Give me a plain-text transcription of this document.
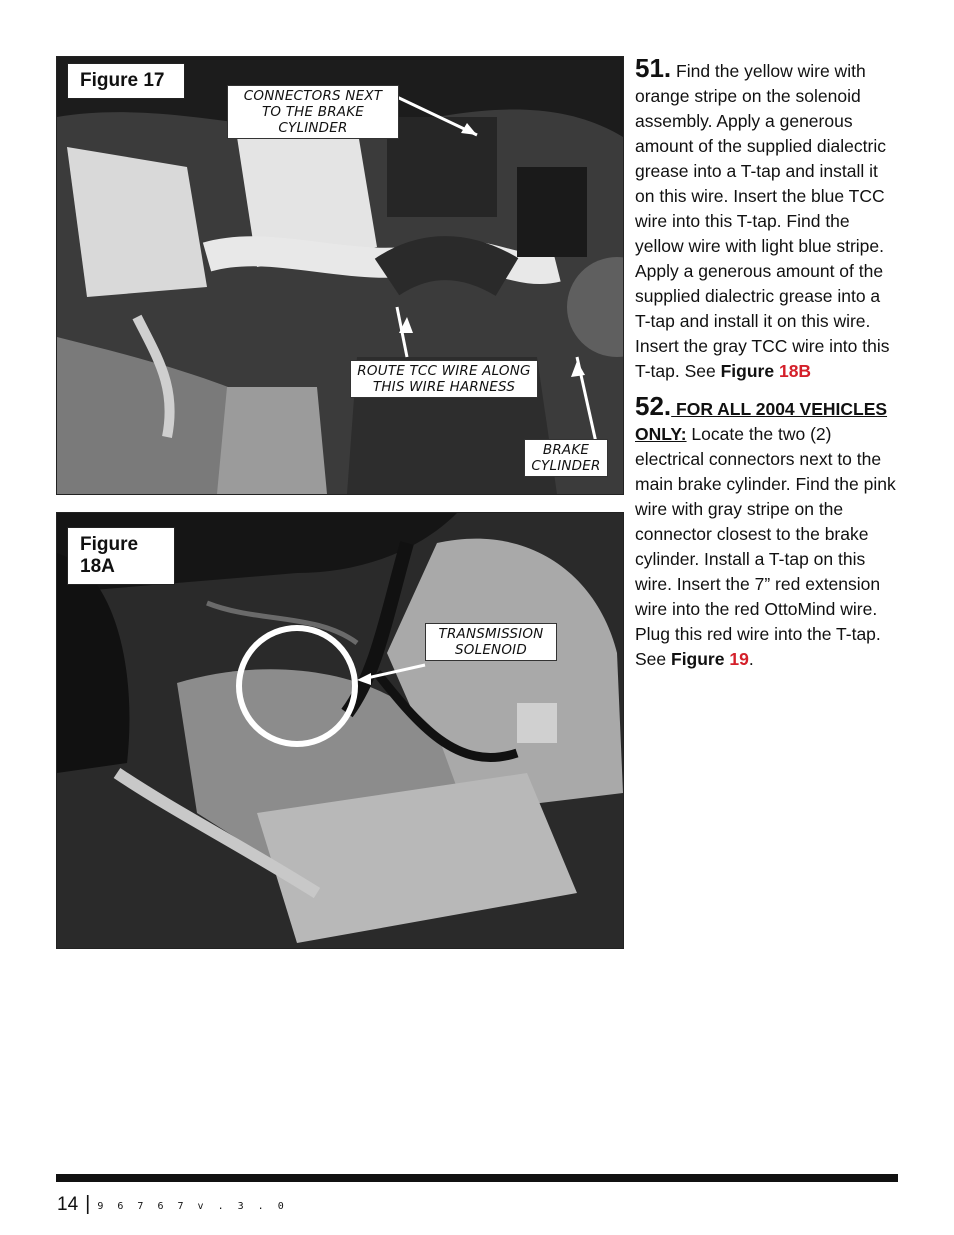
Figure 17
CONNECTORS NEXT TO THE BRAKE CYLINDER
ROUTE TCC WIRE ALONG THIS WIRE HARNESS
BRAKE CYLINDER
Figure 18A
TRANSMISSION SOLENOID

51. Find the yellow wire with orange stripe on the solenoid assembly. Apply a generous amount of the supplied dialectric grease into a T-tap and install it on this wire. Insert the blue TCC wire into this T-tap. Find the yellow wire with light blue stripe. Apply a generous amount of the supplied dialectric grease into a T-tap and install it on this wire. Insert the gray TCC wire into this T-tap. See Figure 18B

52. FOR ALL 2004 VEHICLES ONLY: Locate the two (2) electrical connectors next to the main brake cylinder. Find the pink wire with gray stripe on the connector closest to the brake cylinder. Install a T-tap on this wire. Insert the 7” red extension wire into the red OttoMind wire. Plug this red wire into the T-tap. See Figure 19.

14 | 9 6 7 6 7 v . 3 . 0
